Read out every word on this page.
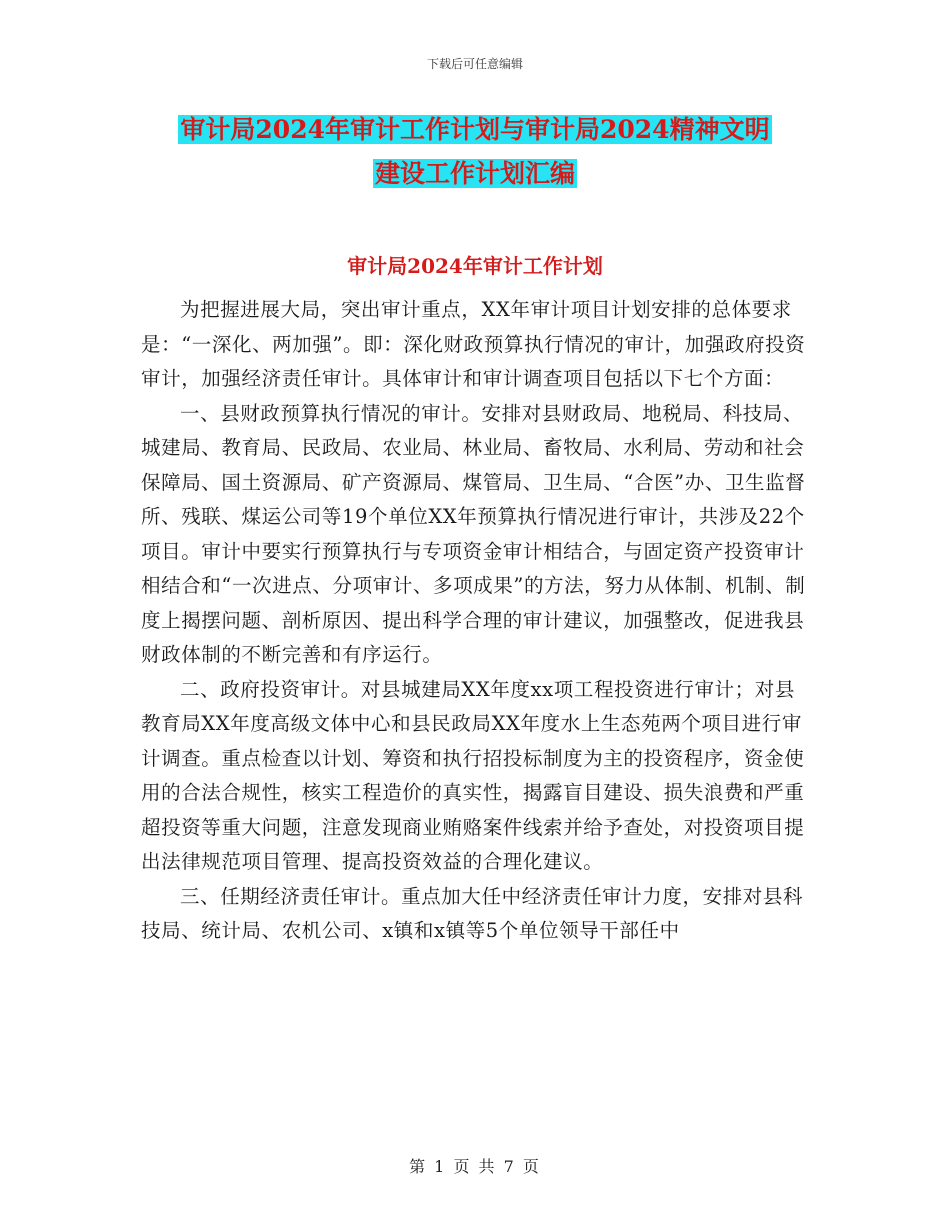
下载后可任意编辑
审计局2024年审计工作计划与审计局2024精神文明
建设工作计划汇编
审计局2024年审计工作计划

为把握进展大局，突出审计重点，XX年审计项目计划安排的总体要求是：“一深化、两加强”。即：深化财政预算执行情况的审计，加强政府投资审计，加强经济责任审计。具体审计和审计调查项目包括以下七个方面：

一、县财政预算执行情况的审计。安排对县财政局、地税局、科技局、城建局、教育局、民政局、农业局、林业局、畜牧局、水利局、劳动和社会保障局、国土资源局、矿产资源局、煤管局、卫生局、“合医”办、卫生监督所、残联、煤运公司等19个单位XX年预算执行情况进行审计，共涉及22个项目。审计中要实行预算执行与专项资金审计相结合，与固定资产投资审计相结合和“一次进点、分项审计、多项成果”的方法，努力从体制、机制、制度上揭摆问题、剖析原因、提出科学合理的审计建议，加强整改，促进我县财政体制的不断完善和有序运行。

二、政府投资审计。对县城建局XX年度xx项工程投资进行审计；对县教育局XX年度高级文体中心和县民政局XX年度水上生态苑两个项目进行审计调查。重点检查以计划、筹资和执行招投标制度为主的投资程序，资金使用的合法合规性，核实工程造价的真实性，揭露盲目建设、损失浪费和严重超投资等重大问题，注意发现商业贿赂案件线索并给予查处，对投资项目提出法律规范项目管理、提高投资效益的合理化建议。

三、任期经济责任审计。重点加大任中经济责任审计力度，安排对县科技局、统计局、农机公司、x镇和x镇等5个单位领导干部任中

第 1 页 共 7 页
